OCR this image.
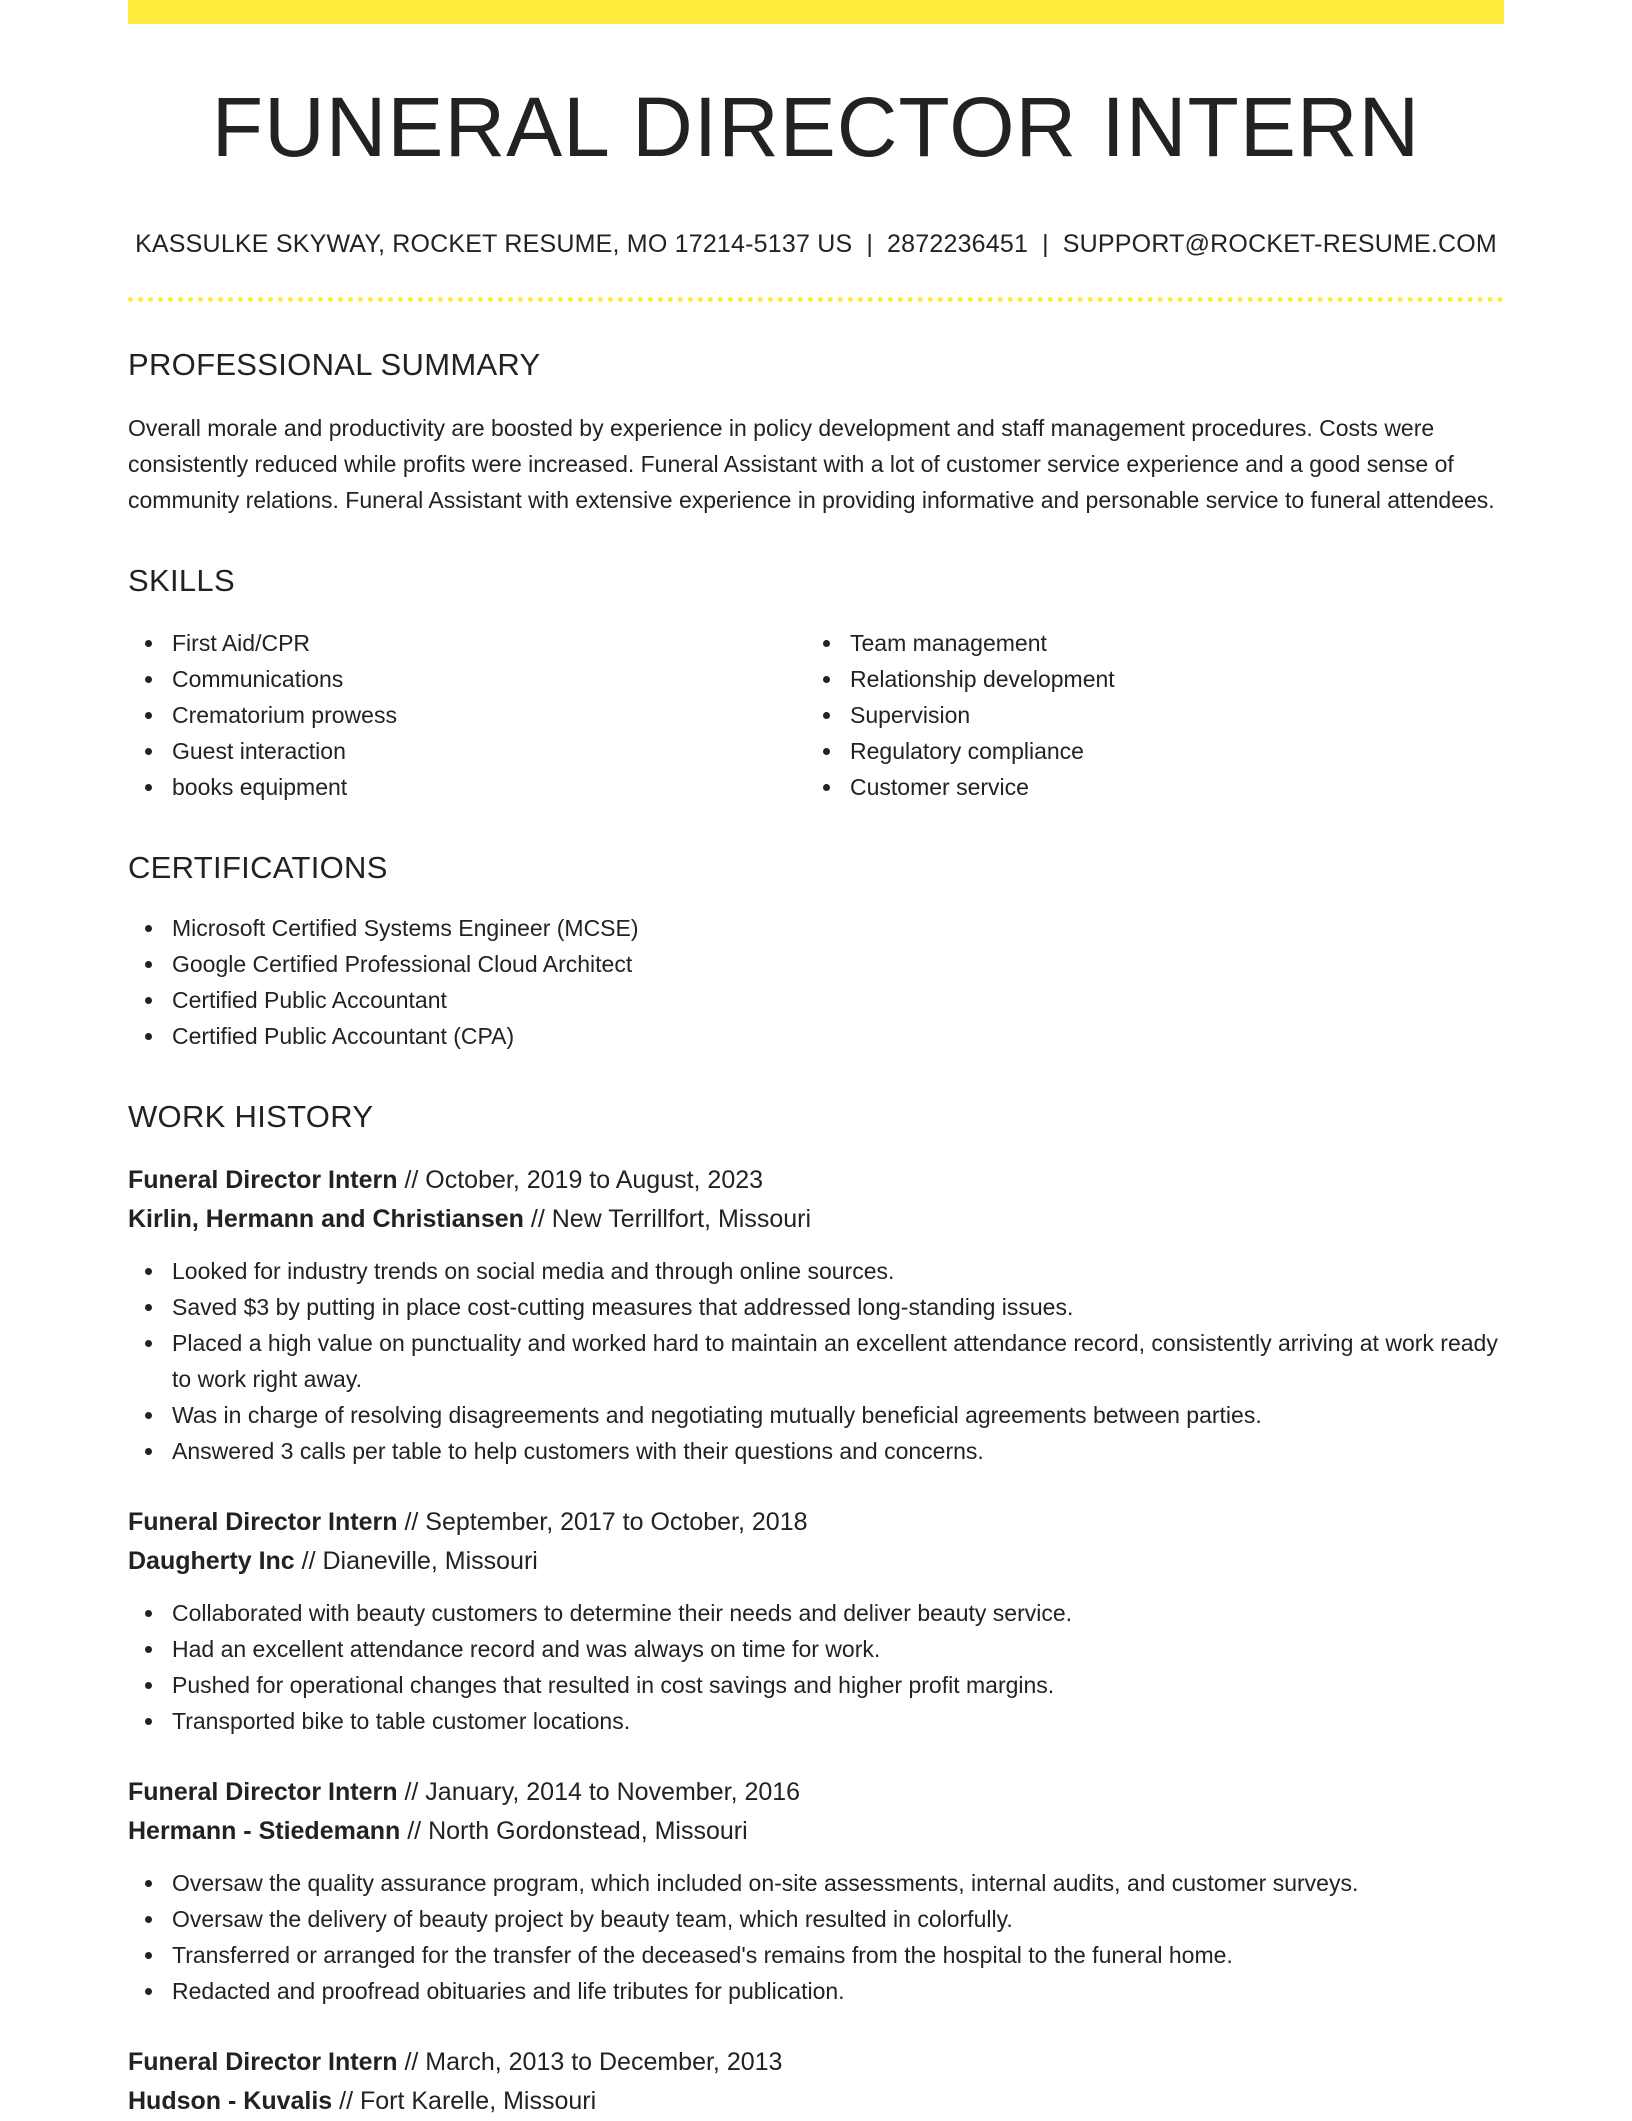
FUNERAL DIRECTOR INTERN
KASSULKE SKYWAY, ROCKET RESUME, MO 17214-5137 US | 2872236451 | SUPPORT@ROCKET-RESUME.COM
PROFESSIONAL SUMMARY
Overall morale and productivity are boosted by experience in policy development and staff management procedures. Costs were consistently reduced while profits were increased. Funeral Assistant with a lot of customer service experience and a good sense of community relations. Funeral Assistant with extensive experience in providing informative and personable service to funeral attendees.
SKILLS
First Aid/CPR	Team management
Communications	Relationship development
Crematorium prowess	Supervision
Guest interaction	Regulatory compliance
books equipment	Customer service
CERTIFICATIONS
Microsoft Certified Systems Engineer (MCSE)
Google Certified Professional Cloud Architect
Certified Public Accountant
Certified Public Accountant (CPA)
WORK HISTORY
Funeral Director Intern // October, 2019 to August, 2023
Kirlin, Hermann and Christiansen // New Terrillfort, Missouri
Looked for industry trends on social media and through online sources.
Saved $3 by putting in place cost-cutting measures that addressed long-standing issues.
Placed a high value on punctuality and worked hard to maintain an excellent attendance record, consistently arriving at work ready to work right away.
Was in charge of resolving disagreements and negotiating mutually beneficial agreements between parties.
Answered 3 calls per table to help customers with their questions and concerns.
Funeral Director Intern // September, 2017 to October, 2018
Daugherty Inc // Dianeville, Missouri
Collaborated with beauty customers to determine their needs and deliver beauty service.
Had an excellent attendance record and was always on time for work.
Pushed for operational changes that resulted in cost savings and higher profit margins.
Transported bike to table customer locations.
Funeral Director Intern // January, 2014 to November, 2016
Hermann - Stiedemann // North Gordonstead, Missouri
Oversaw the quality assurance program, which included on-site assessments, internal audits, and customer surveys.
Oversaw the delivery of beauty project by beauty team, which resulted in colorfully.
Transferred or arranged for the transfer of the deceased's remains from the hospital to the funeral home.
Redacted and proofread obituaries and life tributes for publication.
Funeral Director Intern // March, 2013 to December, 2013
Hudson - Kuvalis // Fort Karelle, Missouri
